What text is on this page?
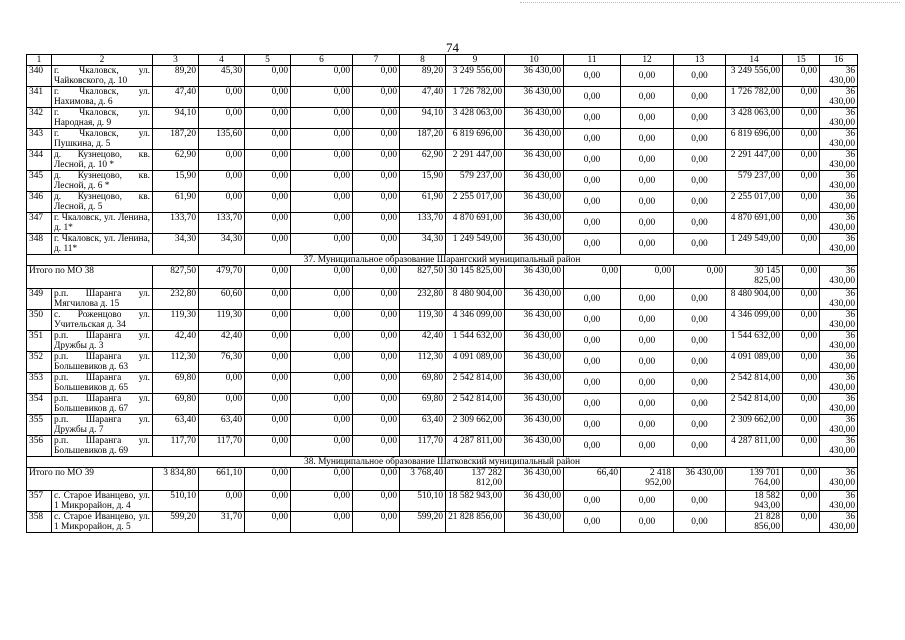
74
1	2	3	4	5	6	7	8	9	10	11	12	13	14	15	16
340	г. Чкаловск, ул. Чайковского, д. 10	89,20	45,30	0,00	0,00	0,00	89,20	3 249 556,00	36 430,00	0,00	0,00	0,00	3 249 556,00	0,00	36 430,00
341	г. Чкаловск, ул. Нахимова, д. 6	47,40	0,00	0,00	0,00	0,00	47,40	1 726 782,00	36 430,00	0,00	0,00	0,00	1 726 782,00	0,00	36 430,00
342	г. Чкаловск, ул. Народная, д. 9	94,10	0,00	0,00	0,00	0,00	94,10	3 428 063,00	36 430,00	0,00	0,00	0,00	3 428 063,00	0,00	36 430,00
343	г. Чкаловск, ул. Пушкина, д. 5	187,20	135,60	0,00	0,00	0,00	187,20	6 819 696,00	36 430,00	0,00	0,00	0,00	6 819 696,00	0,00	36 430,00
344	д. Кузнецово, кв. Лесной, д. 10 *	62,90	0,00	0,00	0,00	0,00	62,90	2 291 447,00	36 430,00	0,00	0,00	0,00	2 291 447,00	0,00	36 430,00
345	д. Кузнецово, кв. Лесной, д. 6 *	15,90	0,00	0,00	0,00	0,00	15,90	579 237,00	36 430,00	0,00	0,00	0,00	579 237,00	0,00	36 430,00
346	д. Кузнецово, кв. Лесной, д. 5	61,90	0,00	0,00	0,00	0,00	61,90	2 255 017,00	36 430,00	0,00	0,00	0,00	2 255 017,00	0,00	36 430,00
347	г. Чкаловск, ул. Ленина, д. 1*	133,70	133,70	0,00	0,00	0,00	133,70	4 870 691,00	36 430,00	0,00	0,00	0,00	4 870 691,00	0,00	36 430,00
348	г. Чкаловск, ул. Ленина, д. 11*	34,30	34,30	0,00	0,00	0,00	34,30	1 249 549,00	36 430,00	0,00	0,00	0,00	1 249 549,00	0,00	36 430,00
37. Муниципальное образование Шарангский муниципальный район															
Итого по МО 38		827,50	479,70	0,00	0,00	0,00	827,50	30 145 825,00	36 430,00	0,00	0,00	0,00	30 145 825,00	0,00	36 430,00
349	р.п. Шаранга ул. Мягчилова д. 15	232,80	60,60	0,00	0,00	0,00	232,80	8 480 904,00	36 430,00	0,00	0,00	0,00	8 480 904,00	0,00	36 430,00
350	с. Роженцово ул. Учительская д. 34	119,30	119,30	0,00	0,00	0,00	119,30	4 346 099,00	36 430,00	0,00	0,00	0,00	4 346 099,00	0,00	36 430,00
351	р.п. Шаранга ул. Дружбы д. 3	42,40	42,40	0,00	0,00	0,00	42,40	1 544 632,00	36 430,00	0,00	0,00	0,00	1 544 632,00	0,00	36 430,00
352	р.п. Шаранга ул. Большевиков д. 63	112,30	76,30	0,00	0,00	0,00	112,30	4 091 089,00	36 430,00	0,00	0,00	0,00	4 091 089,00	0,00	36 430,00
353	р.п. Шаранга ул. Большевиков д. 65	69,80	0,00	0,00	0,00	0,00	69,80	2 542 814,00	36 430,00	0,00	0,00	0,00	2 542 814,00	0,00	36 430,00
354	р.п. Шаранга ул. Большевиков д. 67	69,80	0,00	0,00	0,00	0,00	69,80	2 542 814,00	36 430,00	0,00	0,00	0,00	2 542 814,00	0,00	36 430,00
355	р.п. Шаранга ул. Дружбы д. 7	63,40	63,40	0,00	0,00	0,00	63,40	2 309 662,00	36 430,00	0,00	0,00	0,00	2 309 662,00	0,00	36 430,00
356	р.п. Шаранга ул. Большевиков д. 69	117,70	117,70	0,00	0,00	0,00	117,70	4 287 811,00	36 430,00	0,00	0,00	0,00	4 287 811,00	0,00	36 430,00
38. Муниципальное образование Шатковский муниципальный район															
Итого по МО 39		3 834,80	661,10	0,00	0,00	0,00	3 768,40	137 282 812,00	36 430,00	66,40	2 418 952,00	36 430,00	139 701 764,00	0,00	36 430,00
357	с. Старое Иванцево, ул. 1 Микрорайон, д. 4	510,10	0,00	0,00	0,00	0,00	510,10	18 582 943,00	36 430,00	0,00	0,00	0,00	18 582 943,00	0,00	36 430,00
358	с. Старое Иванцево, ул. 1 Микрорайон, д. 5	599,20	31,70	0,00	0,00	0,00	599,20	21 828 856,00	36 430,00	0,00	0,00	0,00	21 828 856,00	0,00	36 430,00
